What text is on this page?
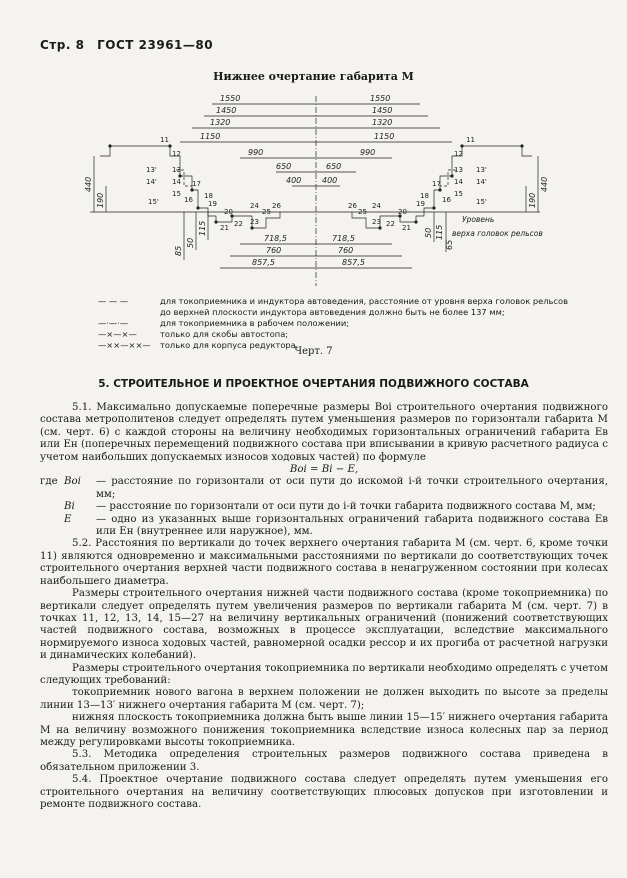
Стр. 8 ГОСТ 23961—80
Нижнее очертание габарита М
1550	1550
1450	1450
1320	1320
1150	1150
990	990
650	650
400	400
718,5	718,5
760	760
857,5	857,5
440
190
115
85
50
190
440
65
50 115
11
12
13
13'
14
14'
15
15'	16
17
18
19
20
21 22 23
24
25
26
11
12
13 13'
14 14'
15
15'
16
17
18
19
20
21
22
23
24
25
26
Уровень
верха головок рельсов
— — —	для токоприемника и индуктора автоведения, расстояние от уровня верха головок рельсов до верхней плоскости индуктора автоведения должно быть не более 137 мм;
—·—·—	для токоприемника в рабочем положении;
—×—×—	только для скобы автостопа;
—××—××—	только для корпуса редуктора.
Черт. 7
5. СТРОИТЕЛЬНОЕ И ПРОЕКТНОЕ ОЧЕРТАНИЯ ПОДВИЖНОГО СОСТАВА

5.1. Максимально допускаемые поперечные размеры Bоi строительного очертания подвижного состава метрополитенов следует определять путем уменьшения размеров по горизонтали габарита М (см. черт. 6) с каждой стороны на величину необходимых горизонтальных ограничений габарита Ев или Ен (поперечных перемещений подвижного состава при вписывании в кривую расчетного радиуса с учетом наибольших допускаемых износов ходовых частей) по формуле

Bоi = Bi − E,

где Bоi	— расстояние по горизонтали от оси пути до искомой i-й точки строительного очертания, мм;
Bi	— расстояние по горизонтали от оси пути до i-й точки габарита подвижного состава М, мм;
E	— одно из указанных выше горизонтальных ограничений габарита подвижного состава Ев или Ен (внутреннее или наружное), мм.

5.2. Расстояния по вертикали до точек верхнего очертания габарита М (см. черт. 6, кроме точки 11) являются одновременно и максимальными расстояниями по вертикали до соответствующих точек строительного очертания верхней части подвижного состава в ненагруженном состоянии при колесах наибольшего диаметра.

Размеры строительного очертания нижней части подвижного состава (кроме токоприемника) по вертикали следует определять путем увеличения размеров по вертикали габарита М (см. черт. 7) в точках 11, 12, 13, 14, 15—27 на величину вертикальных ограничений (понижений соответствующих частей подвижного состава, возможных в процессе эксплуатации, вследствие максимального нормируемого износа ходовых частей, равномерной осадки рессор и их прогиба от расчетной нагрузки и динамических колебаний).

Размеры строительного очертания токоприемника по вертикали необходимо определять с учетом следующих требований:

токоприемник нового вагона в верхнем положении не должен выходить по высоте за пределы линии 13—13′ нижнего очертания габарита М (см. черт. 7);

нижняя плоскость токоприемника должна быть выше линии 15—15′ нижнего очертания габарита М на величину возможного понижения токоприемника вследствие износа колесных пар за период между регулировками высоты токоприемника.

5.3. Методика определения строительных размеров подвижного состава приведена в обязательном приложении 3.

5.4. Проектное очертание подвижного состава следует определять путем уменьшения его строительного очертания на величину соответствующих плюсовых допусков при изготовлении и ремонте подвижного состава.
